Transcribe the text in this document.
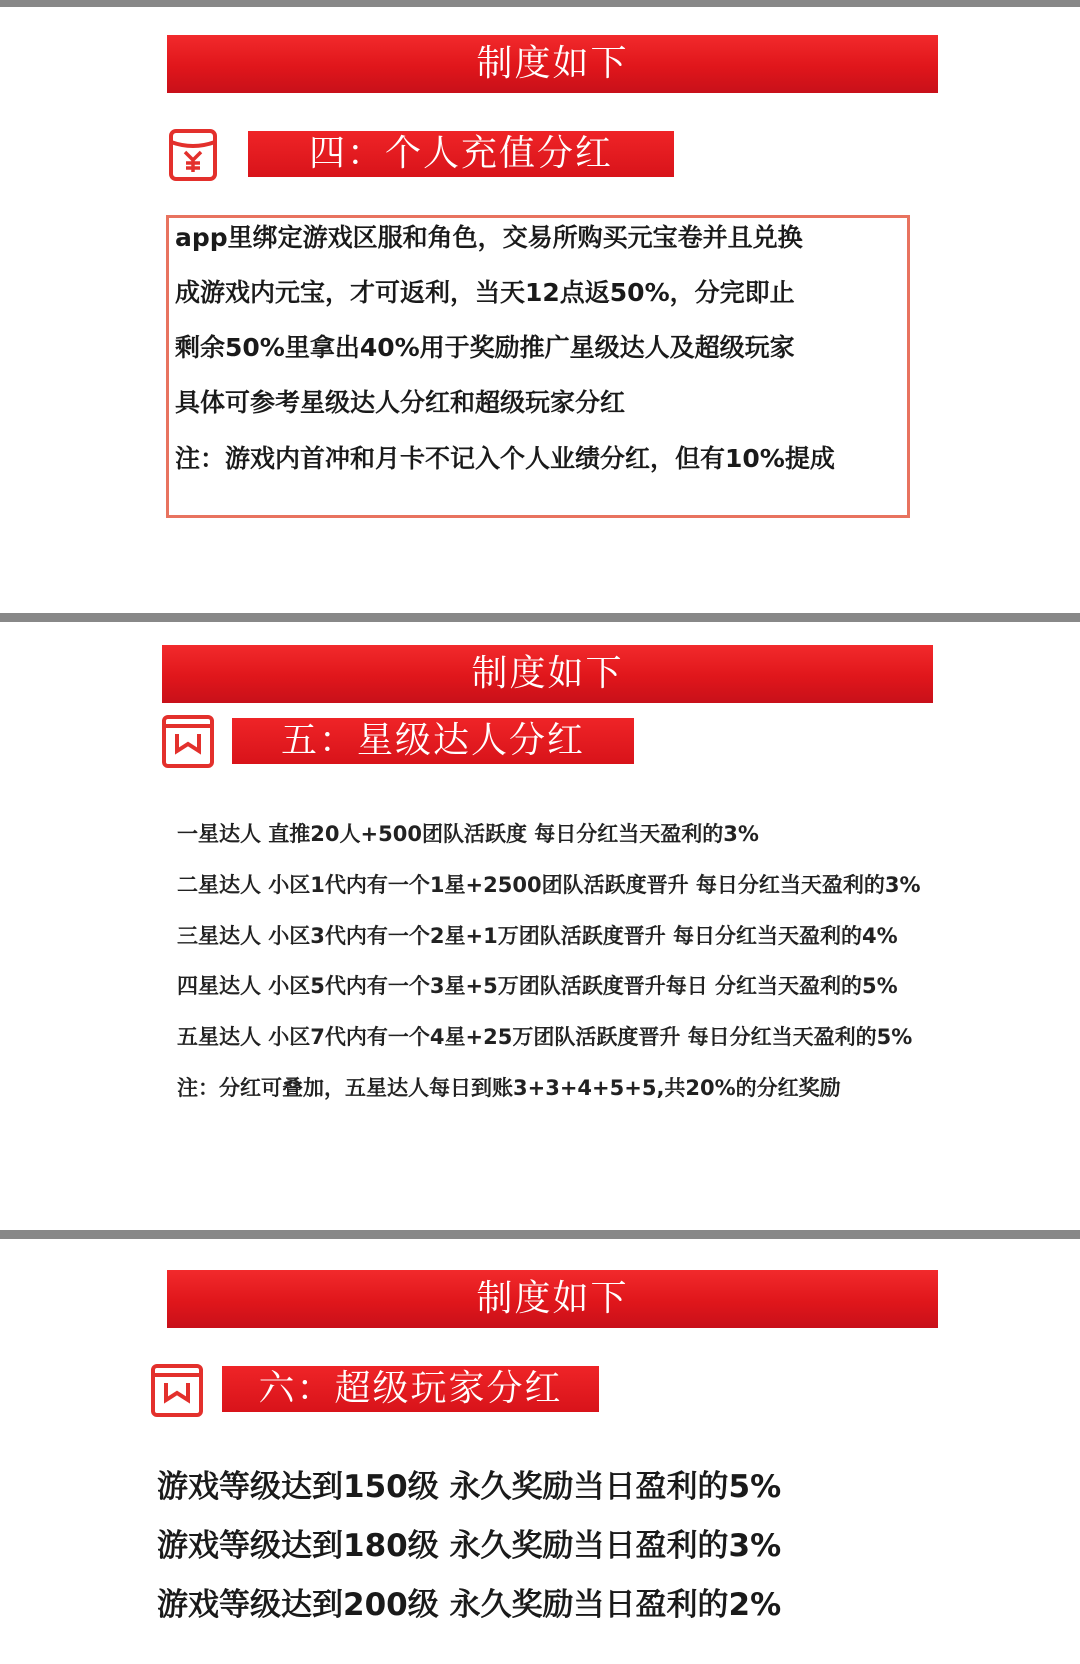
制度如下
四：个人充值分红
app里绑定游戏区服和角色，交易所购买元宝卷并且兑换
成游戏内元宝，才可返利，当天12点返50%，分完即止
剩余50%里拿出40%用于奖励推广星级达人及超级玩家
具体可参考星级达人分红和超级玩家分红
注：游戏内首冲和月卡不记入个人业绩分红，但有10%提成
制度如下
五：星级达人分红
一星达人 直推20人+500团队活跃度 每日分红当天盈利的3%
二星达人 小区1代内有一个1星+2500团队活跃度晋升 每日分红当天盈利的3%
三星达人 小区3代内有一个2星+1万团队活跃度晋升 每日分红当天盈利的4%
四星达人 小区5代内有一个3星+5万团队活跃度晋升每日 分红当天盈利的5%
五星达人 小区7代内有一个4星+25万团队活跃度晋升 每日分红当天盈利的5%
注：分红可叠加，五星达人每日到账3+3+4+5+5,共20%的分红奖励
制度如下
六：超级玩家分红
游戏等级达到150级 永久奖励当日盈利的5%
游戏等级达到180级 永久奖励当日盈利的3%
游戏等级达到200级 永久奖励当日盈利的2%
